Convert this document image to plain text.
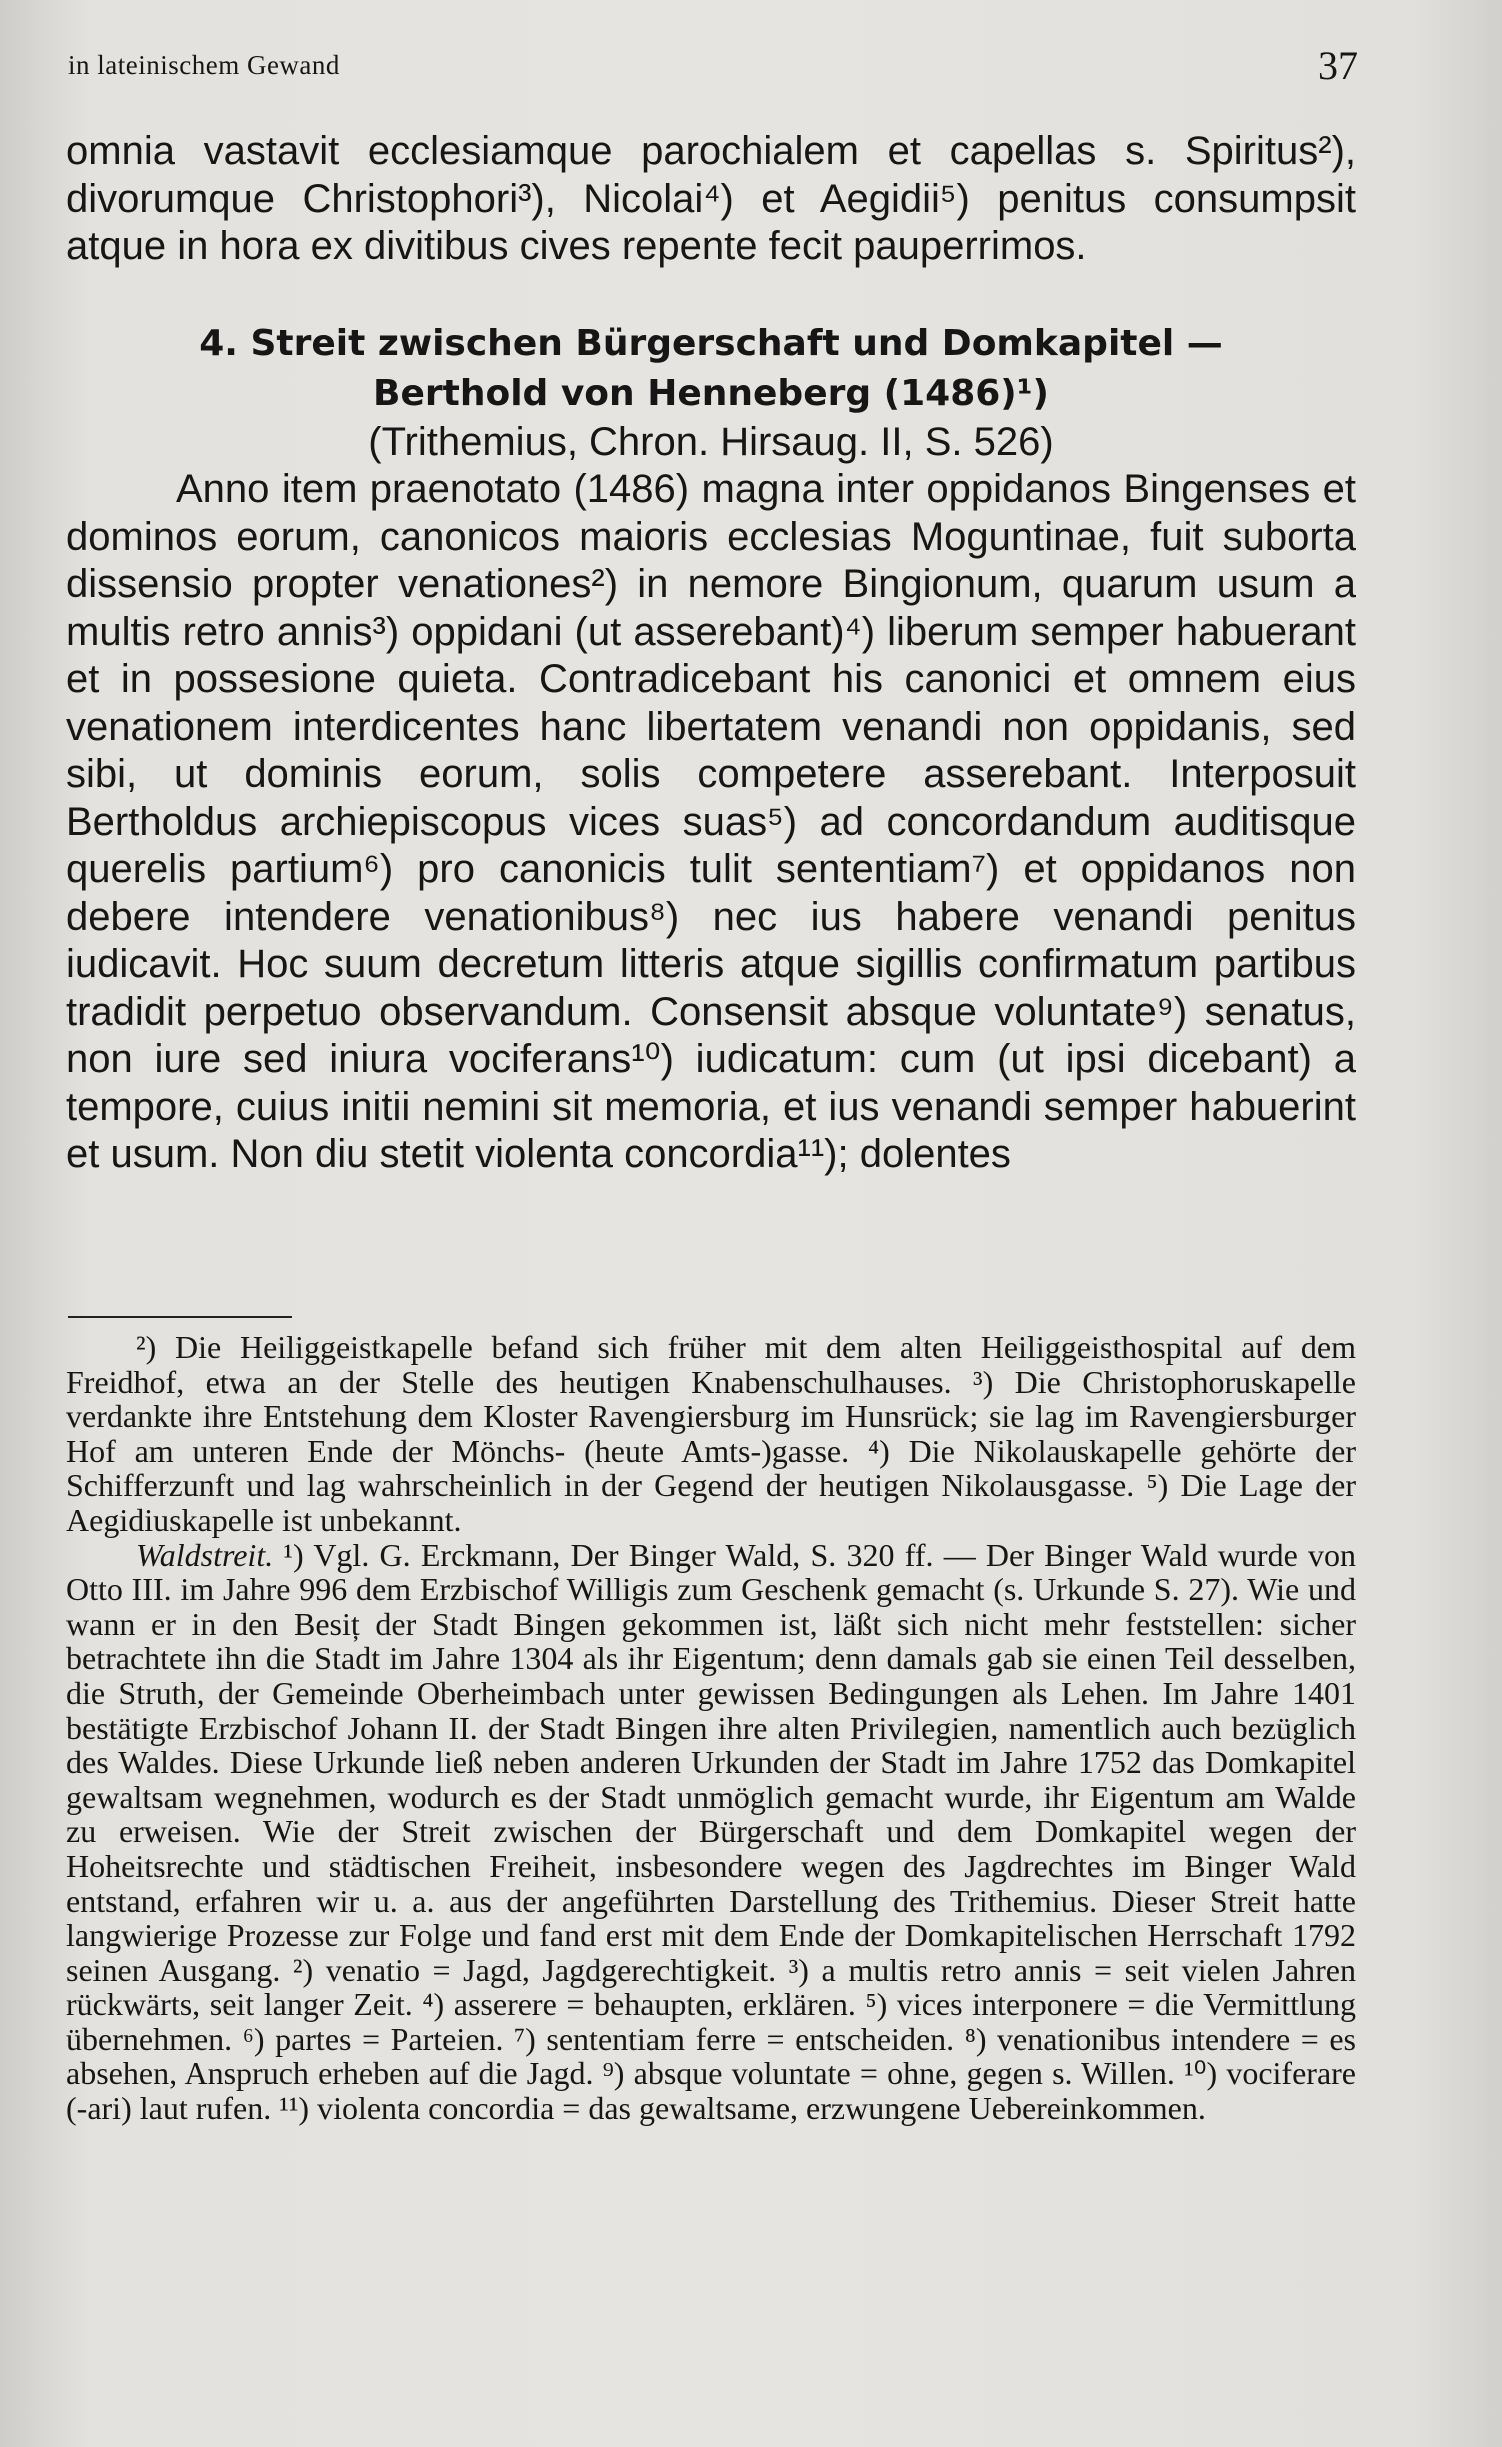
in lateinischem Gewand	37

omnia vastavit ecclesiamque parochialem et capellas s. Spiritus²), divorumque Christophori³), Nicolai⁴) et Aegidii⁵) penitus consumpsit atque in hora ex divitibus cives repente fecit pauperrimos.

4. Streit zwischen Bürgerschaft und Domkapitel —
Berthold von Henneberg (1486)¹)

(Trithemius, Chron. Hirsaug. II, S. 526)

Anno item praenotato (1486) magna inter oppidanos Bingenses et dominos eorum, canonicos maioris ecclesias Moguntinae, fuit suborta dissensio propter venationes²) in nemore Bingionum, quarum usum a multis retro annis³) oppidani (ut asserebant)⁴) liberum semper habuerant et in possesione quieta. Contradicebant his canonici et omnem eius venationem interdicentes hanc libertatem venandi non oppidanis, sed sibi, ut dominis eorum, solis competere asserebant. Interposuit Bertholdus archiepiscopus vices suas⁵) ad concordandum auditisque querelis partium⁶) pro canonicis tulit sententiam⁷) et oppidanos non debere intendere venationibus⁸) nec ius habere venandi penitus iudicavit. Hoc suum decretum litteris atque sigillis confirmatum partibus tradidit perpetuo observandum. Consensit absque voluntate⁹) senatus, non iure sed iniura vociferans¹⁰) iudicatum: cum (ut ipsi dicebant) a tempore, cuius initii nemini sit memoria, et ius venandi semper habuerint et usum. Non diu stetit violenta concordia¹¹); dolentes

²) Die Heiliggeistkapelle befand sich früher mit dem alten Heiliggeisthospital auf dem Freidhof, etwa an der Stelle des heutigen Knabenschulhauses. ³) Die Christophoruskapelle verdankte ihre Entstehung dem Kloster Ravengiersburg im Hunsrück; sie lag im Ravengiersburger Hof am unteren Ende der Mönchs- (heute Amts-)gasse. ⁴) Die Nikolauskapelle gehörte der Schifferzunft und lag wahrscheinlich in der Gegend der heutigen Nikolausgasse. ⁵) Die Lage der Aegidiuskapelle ist unbekannt.

Waldstreit. ¹) Vgl. G. Erckmann, Der Binger Wald, S. 320 ff. — Der Binger Wald wurde von Otto III. im Jahre 996 dem Erzbischof Willigis zum Geschenk gemacht (s. Urkunde S. 27). Wie und wann er in den Besiț der Stadt Bingen gekommen ist, läßt sich nicht mehr feststellen: sicher betrachtete ihn die Stadt im Jahre 1304 als ihr Eigentum; denn damals gab sie einen Teil desselben, die Struth, der Gemeinde Oberheimbach unter gewissen Bedingungen als Lehen. Im Jahre 1401 bestätigte Erzbischof Johann II. der Stadt Bingen ihre alten Privilegien, namentlich auch bezüglich des Waldes. Diese Urkunde ließ neben anderen Urkunden der Stadt im Jahre 1752 das Domkapitel gewaltsam wegnehmen, wodurch es der Stadt unmöglich gemacht wurde, ihr Eigentum am Walde zu erweisen. Wie der Streit zwischen der Bürgerschaft und dem Domkapitel wegen der Hoheitsrechte und städtischen Freiheit, insbesondere wegen des Jagdrechtes im Binger Wald entstand, erfahren wir u. a. aus der angeführten Darstellung des Trithemius. Dieser Streit hatte langwierige Prozesse zur Folge und fand erst mit dem Ende der Domkapitelischen Herrschaft 1792 seinen Ausgang. ²) venatio = Jagd, Jagdgerechtigkeit. ³) a multis retro annis = seit vielen Jahren rückwärts, seit langer Zeit. ⁴) asserere = behaupten, erklären. ⁵) vices interponere = die Vermittlung übernehmen. ⁶) partes = Parteien. ⁷) sententiam ferre = entscheiden. ⁸) venationibus intendere = es absehen, Anspruch erheben auf die Jagd. ⁹) absque voluntate = ohne, gegen s. Willen. ¹⁰) vociferare (-ari) laut rufen. ¹¹) violenta concordia = das gewaltsame, erzwungene Uebereinkommen.
